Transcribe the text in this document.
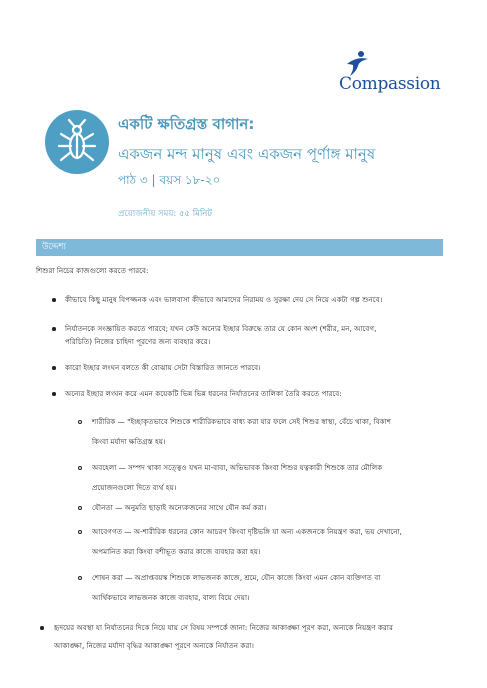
Compassion
একটি ক্ষতিগ্রস্ত বাগান:
একজন মন্দ মানুষ এবং একজন পূর্ণাঙ্গ মানুষ
পাঠ ৩ | বয়স ১৮-২০
প্রয়োজনীয় সময়: ৫৫ মিনিট
উদ্দেশ্য
শিশুরা নিচের কাজগুলো করতে পারবে:
কীভাবে কিছু মানুষ বিপজ্জনক এবং ভালবাসা কীভাবে আমাদের নিরাময় ও সুরক্ষা দেয় সে নিয়ে একটা গল্প শুনবে।
নির্যাতনকে সংজ্ঞায়িত করতে পারবে; যখন কেউ অন্যের ইচ্ছার বিরুদ্ধে তার যে কোন অংশ (শরীর, মন, আবেগ,
পরিচিতি) নিজের চাহিদা পূরণের জন্য ব্যবহার করে।
কারো ইচ্ছার লংঘন বলতে কী বোঝায় সেটা বিস্তারিত জানতে পারবে।
অন্যের ইচ্ছার লংঘন করে এমন কয়েকটি ভিন্ন ভিন্ন ধরনের নির্যাতনের তালিকা তৈরি করতে পারবে:
শারীরিক — "ইচ্ছাকৃতভাবে শিশুকে শারীরিকভাবে বাধ্য করা যার ফলে সেই শিশুর স্বাস্থ্য, বেঁচে থাকা, বিকাশ
কিংবা মর্যাদা ক্ষতিগ্রস্ত হয়।
অবহেলা — সম্পদ থাকা সত্ত্বেও যখন মা-বাবা, অভিভাবক কিংবা শিশুর যত্নকারী শিশুকে তার মৌলিক
প্রয়োজনগুলো দিতে ব্যর্থ হয়।
যৌনতা — অনুমতি ছাড়াই অন্যেকজনের সাথে যৌন কর্ম করা।
আবেগগত — অ-শারীরিক ধরনের কোন আচরণ কিংবা দৃষ্টিভঙ্গি যা অন্য একজনকে নিয়ন্ত্রণ করা, ভয় দেখানো,
অপমানিত করা কিংবা বশীভূত করার কাজে ব্যবহার করা হয়।
শোষন করা — অপ্রাপ্তবয়স্ক শিশুকে লাভজনক কাজে, শ্রমে, যৌন কাজে কিংবা এমন কোন ব্যক্তিগত বা
আর্থিকভাবে লাভজনক কাজে ব্যবহার, বাল্য বিয়ে দেয়া।
হৃদয়ের অবস্থা যা নির্যাতনের দিকে নিয়ে যায় সে বিষয় সম্পর্কে জানা: নিজের আকাঙ্ক্ষা পূরণ করা, অন্যকে নিয়ন্ত্রণ করার
আকাঙ্ক্ষা, নিজের মর্যাদা বৃদ্ধির আকাঙ্ক্ষা পূরণে অন্যকে নির্যাতন করা।
